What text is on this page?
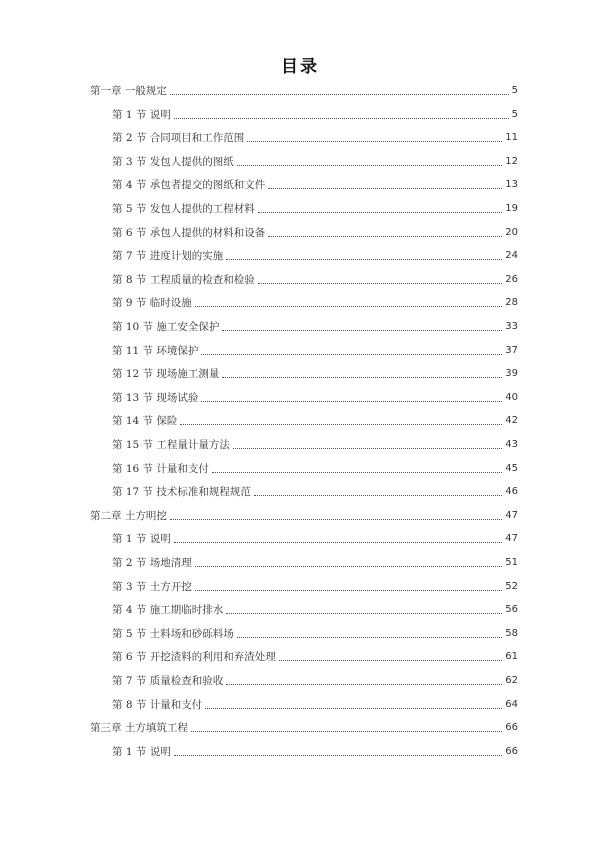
目录
第一章 一般规定	5
第 1 节 说明	5
第 2 节 合同项目和工作范围	11
第 3 节 发包人提供的图纸	12
第 4 节 承包者提交的图纸和文件	13
第 5 节 发包人提供的工程材料	19
第 6 节 承包人提供的材料和设备	20
第 7 节 进度计划的实施	24
第 8 节 工程质量的检查和检验	26
第 9 节 临时设施	28
第 10 节 施工安全保护	33
第 11 节 环境保护	37
第 12 节 现场施工测量	39
第 13 节 现场试验	40
第 14 节 保险	42
第 15 节 工程量计量方法	43
第 16 节 计量和支付	45
第 17 节 技术标准和规程规范	46
第二章 土方明挖	47
第 1 节 说明	47
第 2 节 场地清理	51
第 3 节 土方开挖	52
第 4 节 施工期临时排水	56
第 5 节 土料场和砂砾料场	58
第 6 节 开挖渣料的利用和弃渣处理	61
第 7 节 质量检查和验收	62
第 8 节 计量和支付	64
第三章 土方填筑工程	66
第 1 节 说明	66
